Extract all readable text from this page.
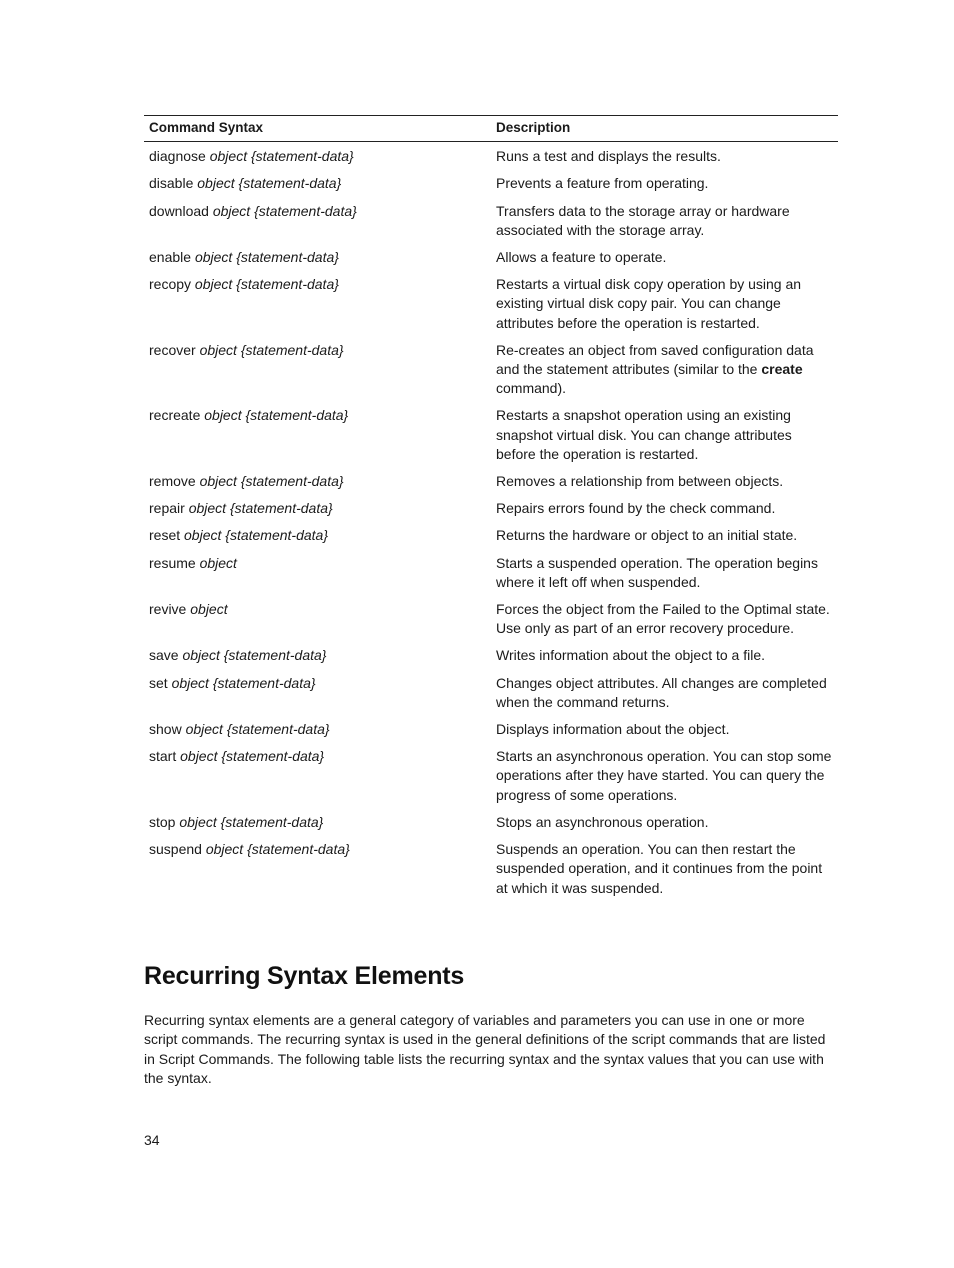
Command Syntax	Description
diagnose object {statement-data}	Runs a test and displays the results.
disable object {statement-data}	Prevents a feature from operating.
download object {statement-data}	Transfers data to the storage array or hardware associated with the storage array.
enable object {statement-data}	Allows a feature to operate.
recopy object {statement-data}	Restarts a virtual disk copy operation by using an existing virtual disk copy pair. You can change attributes before the operation is restarted.
recover object {statement-data}	Re-creates an object from saved configuration data and the statement attributes (similar to the create command).
recreate object {statement-data}	Restarts a snapshot operation using an existing snapshot virtual disk. You can change attributes before the operation is restarted.
remove object {statement-data}	Removes a relationship from between objects.
repair object {statement-data}	Repairs errors found by the check command.
reset object {statement-data}	Returns the hardware or object to an initial state.
resume object	Starts a suspended operation. The operation begins where it left off when suspended.
revive object	Forces the object from the Failed to the Optimal state. Use only as part of an error recovery procedure.
save object {statement-data}	Writes information about the object to a file.
set object {statement-data}	Changes object attributes. All changes are completed when the command returns.
show object {statement-data}	Displays information about the object.
start object {statement-data}	Starts an asynchronous operation. You can stop some operations after they have started. You can query the progress of some operations.
stop object {statement-data}	Stops an asynchronous operation.
suspend object {statement-data}	Suspends an operation. You can then restart the suspended operation, and it continues from the point at which it was suspended.
Recurring Syntax Elements

Recurring syntax elements are a general category of variables and parameters you can use in one or more script commands. The recurring syntax is used in the general definitions of the script commands that are listed in Script Commands. The following table lists the recurring syntax and the syntax values that you can use with the syntax.

34
